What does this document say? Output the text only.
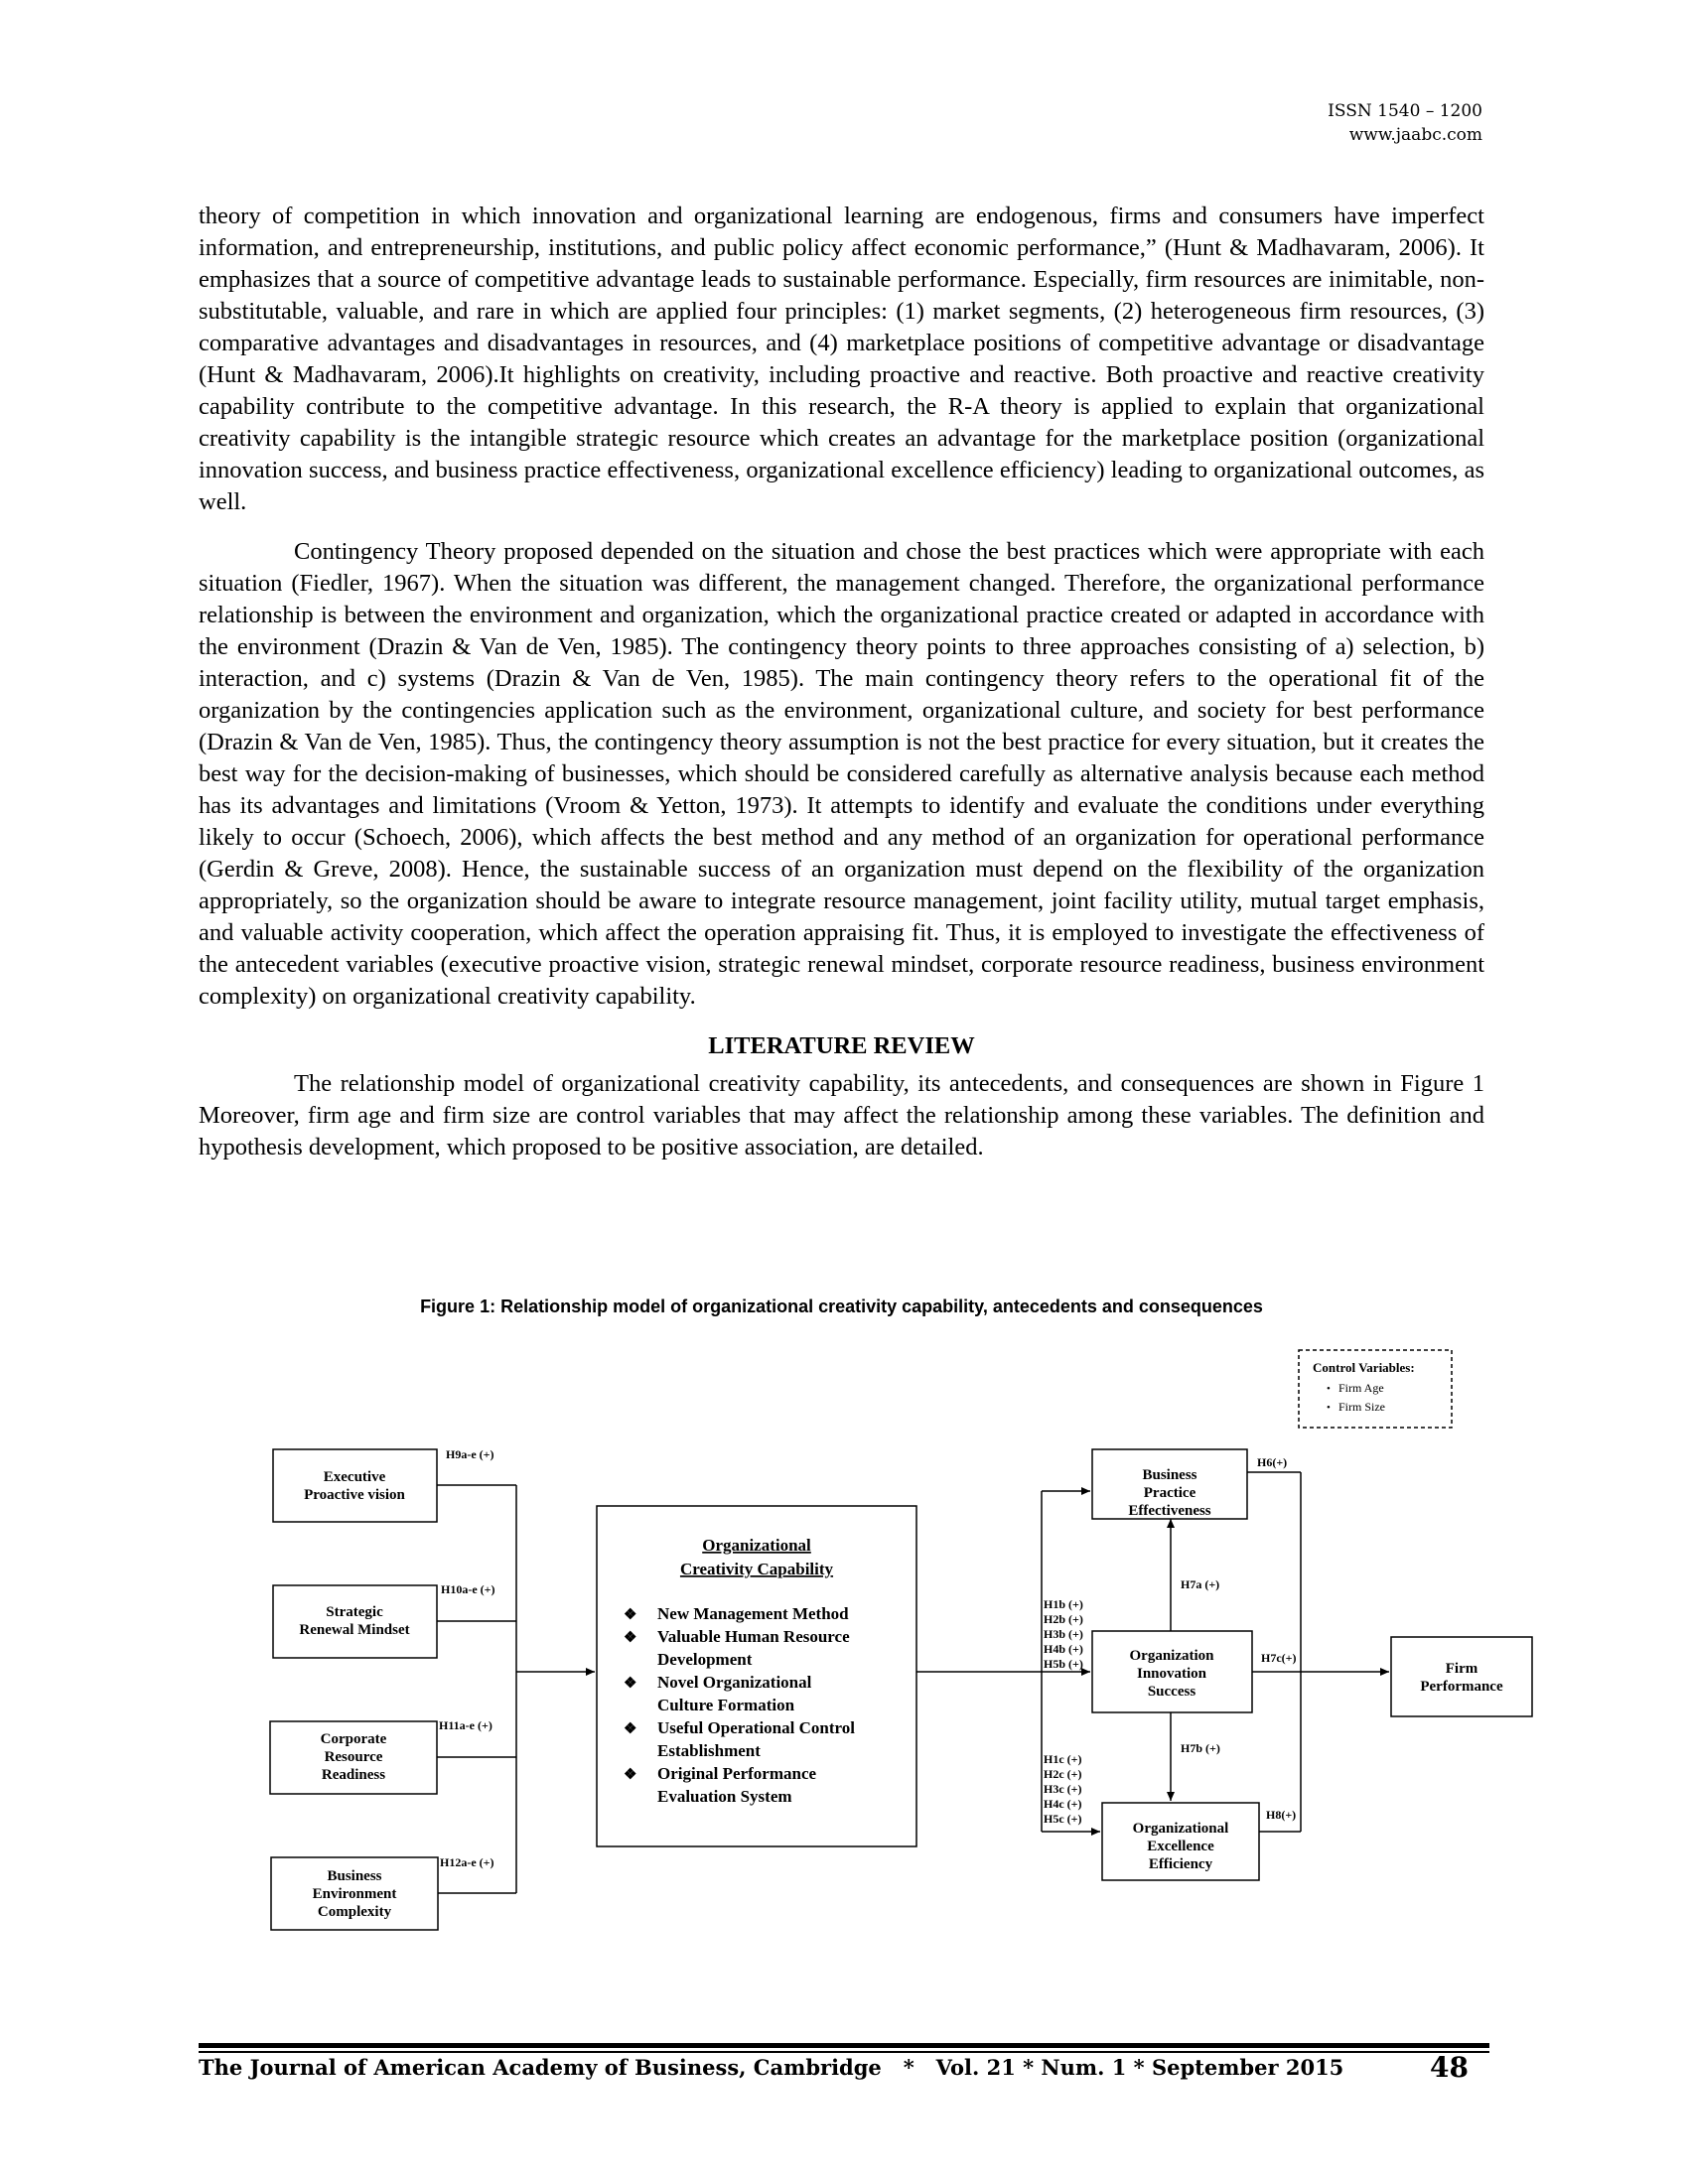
ISSN 1540 – 1200
www.jaabc.com

theory of competition in which innovation and organizational learning are endogenous, firms and consumers have imperfect information, and entrepreneurship, institutions, and public policy affect economic performance,” (Hunt & Madhavaram, 2006). It emphasizes that a source of competitive advantage leads to sustainable performance. Especially, firm resources are inimitable, non-substitutable, valuable, and rare in which are applied four principles: (1) market segments, (2) heterogeneous firm resources, (3) comparative advantages and disadvantages in resources, and (4) marketplace positions of competitive advantage or disadvantage (Hunt & Madhavaram, 2006).It highlights on creativity, including proactive and reactive. Both proactive and reactive creativity capability contribute to the competitive advantage. In this research, the R-A theory is applied to explain that organizational creativity capability is the intangible strategic resource which creates an advantage for the marketplace position (organizational innovation success, and business practice effectiveness, organizational excellence efficiency) leading to organizational outcomes, as well.

Contingency Theory proposed depended on the situation and chose the best practices which were appropriate with each situation (Fiedler, 1967). When the situation was different, the management changed. Therefore, the organizational performance relationship is between the environment and organization, which the organizational practice created or adapted in accordance with the environment (Drazin & Van de Ven, 1985). The contingency theory points to three approaches consisting of a) selection, b) interaction, and c) systems (Drazin & Van de Ven, 1985). The main contingency theory refers to the operational fit of the organization by the contingencies application such as the environment, organizational culture, and society for best performance (Drazin & Van de Ven, 1985). Thus, the contingency theory assumption is not the best practice for every situation, but it creates the best way for the decision-making of businesses, which should be considered carefully as alternative analysis because each method has its advantages and limitations (Vroom & Yetton, 1973). It attempts to identify and evaluate the conditions under everything likely to occur (Schoech, 2006), which affects the best method and any method of an organization for operational performance (Gerdin & Greve, 2008). Hence, the sustainable success of an organization must depend on the flexibility of the organization appropriately, so the organization should be aware to integrate resource management, joint facility utility, mutual target emphasis, and valuable activity cooperation, which affect the operation appraising fit. Thus, it is employed to investigate the effectiveness of the antecedent variables (executive proactive vision, strategic renewal mindset, corporate resource readiness, business environment complexity) on organizational creativity capability.

LITERATURE REVIEW

The relationship model of organizational creativity capability, its antecedents, and consequences are shown in Figure 1 Moreover, firm age and firm size are control variables that may affect the relationship among these variables. The definition and hypothesis development, which proposed to be positive association, are detailed.

Figure 1: Relationship model of organizational creativity capability, antecedents and consequences
Control Variables:
• Firm Age
• Firm Size
Executive
Proactive vision
Strategic
Renewal Mindset
Corporate
Resource
Readiness
Business
Environment
Complexity
H9a-e (+)
H10a-e (+)
H11a-e (+)
H12a-e (+)
Organizational
Creativity Capability
❖ New Management Method
❖ Valuable Human Resource
Development
❖ Novel Organizational
Culture Formation
❖ Useful Operational Control
Establishment
❖ Original Performance
Evaluation System
H1b (+)
H2b (+)
H3b (+)
H4b (+)
H5b (+)
H1c (+)
H2c (+)
H3c (+)
H4c (+)
H5c (+)
H6(+)
H7a (+)
H7b (+)
H7c(+)
H8(+)
Business
Practice
Effectiveness
Organization
Innovation
Success
Organizational
Excellence
Efficiency
Firm
Performance
The Journal of American Academy of Business, Cambridge   *   Vol. 21 * Num. 1 * September 2015	48
